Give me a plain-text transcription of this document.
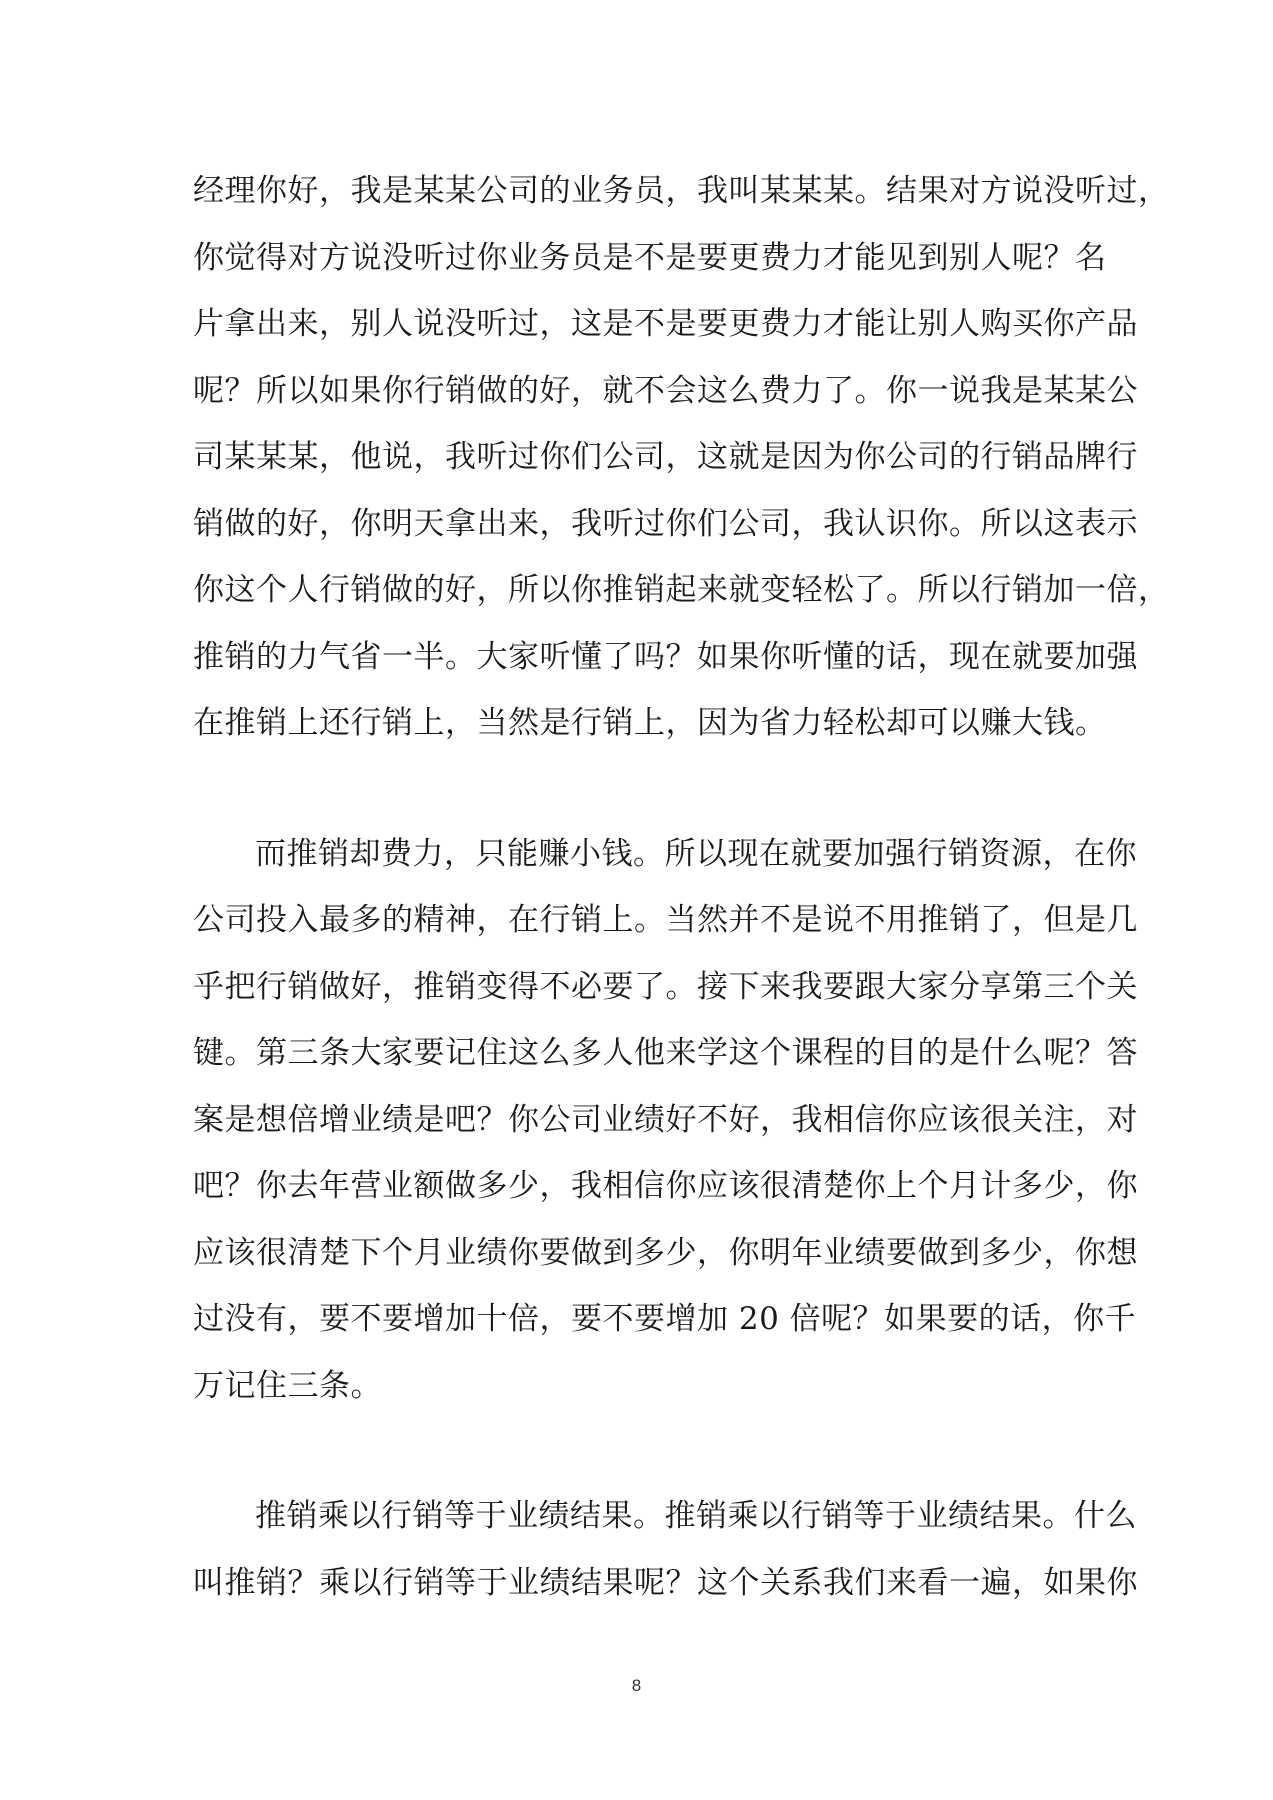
经理你好，我是某某公司的业务员，我叫某某某。结果对方说没听过，
你觉得对方说没听过你业务员是不是要更费力才能见到别人呢？名
片拿出来，别人说没听过，这是不是要更费力才能让别人购买你产品
呢？所以如果你行销做的好，就不会这么费力了。你一说我是某某公
司某某某，他说，我听过你们公司，这就是因为你公司的行销品牌行
销做的好，你明天拿出来，我听过你们公司，我认识你。所以这表示
你这个人行销做的好，所以你推销起来就变轻松了。所以行销加一倍，
推销的力气省一半。大家听懂了吗？如果你听懂的话，现在就要加强
在推销上还行销上，当然是行销上，因为省力轻松却可以赚大钱。
而推销却费力，只能赚小钱。所以现在就要加强行销资源，在你
公司投入最多的精神，在行销上。当然并不是说不用推销了，但是几
乎把行销做好，推销变得不必要了。接下来我要跟大家分享第三个关
键。第三条大家要记住这么多人他来学这个课程的目的是什么呢？答
案是想倍增业绩是吧？你公司业绩好不好，我相信你应该很关注，对
吧？你去年营业额做多少，我相信你应该很清楚你上个月计多少，你
应该很清楚下个月业绩你要做到多少，你明年业绩要做到多少，你想
过没有，要不要增加十倍，要不要增加 20 倍呢？如果要的话，你千
万记住三条。
推销乘以行销等于业绩结果。推销乘以行销等于业绩结果。什么
叫推销？乘以行销等于业绩结果呢？这个关系我们来看一遍，如果你
8
